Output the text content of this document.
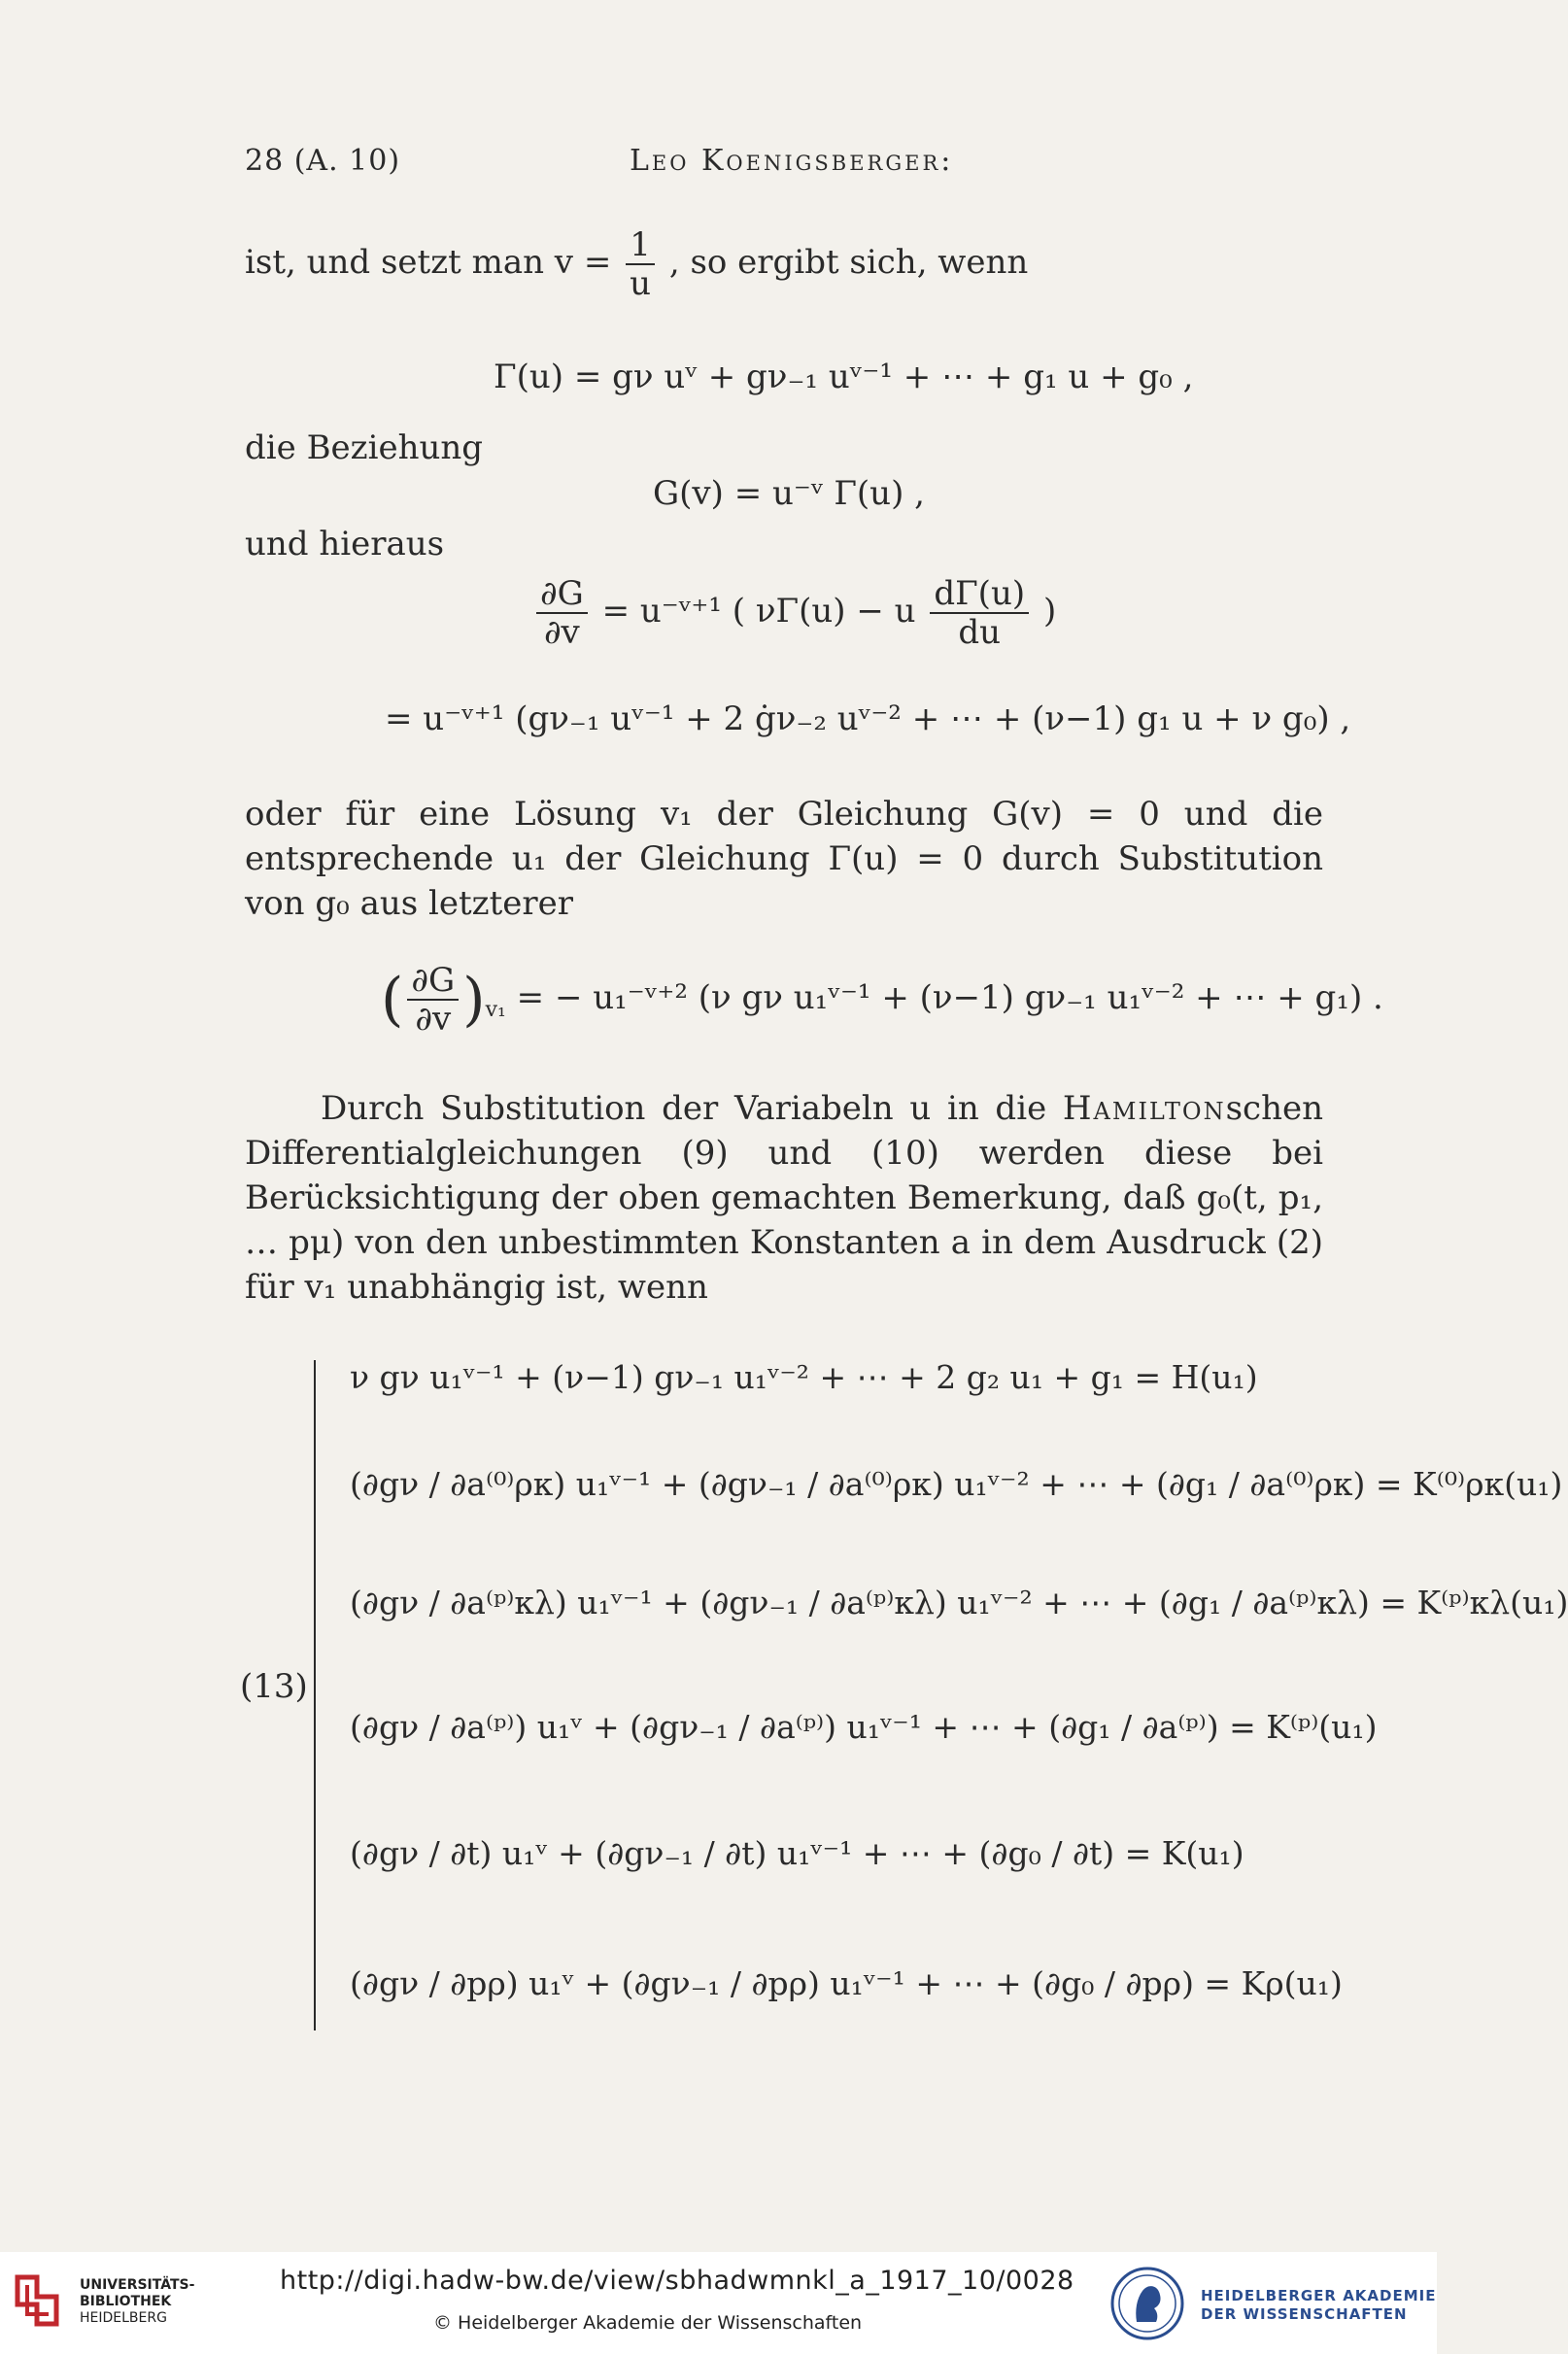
28 (A. 10)	Leo Koenigsberger:
ist, und setzt man $v = \frac{1}{u}$ , so ergibt sich, wenn
Γ(u) = gν uᵛ + gν₋₁ uᵛ⁻¹ + ⋯ + g₁ u + g₀ ,
die Beziehung
G(v) = u⁻ᵛ Γ(u) ,
und hieraus
$\frac{\partial G}{\partial v}$ = u⁻ᵛ⁺¹ ( νΓ(u) − u $\frac{d\Gamma(u)}{du}$ )
= u⁻ᵛ⁺¹ (gν₋₁ uᵛ⁻¹ + 2 ġν₋₂ uᵛ⁻² + ⋯ + (ν−1) g₁ u + ν g₀) ,
oder für eine Lösung v₁ der Gleichung G(v) = 0 und die entsprechende u₁ der Gleichung Γ(u) = 0 durch Substitution von g₀ aus letzterer
( $\frac{\partial G}{\partial v} )_{v_1}$ = − u₁⁻ᵛ⁺² (ν gν u₁ᵛ⁻¹ + (ν−1) gν₋₁ u₁ᵛ⁻² + ⋯ + g₁) .
Durch Substitution der Variabeln u in die Hamiltonschen Differentialgleichungen (9) und (10) werden diese bei Berücksichtigung der oben gemachten Bemerkung, daß g₀(t, p₁, … pμ) von den unbestimmten Konstanten a in dem Ausdruck (2) für v₁ unabhängig ist, wenn
(13)
ν gν u₁ᵛ⁻¹ + (ν−1) gν₋₁ u₁ᵛ⁻² + ⋯ + 2 g₂ u₁ + g₁ = H(u₁)
(∂gν / ∂a⁽⁰⁾ρκ) u₁ᵛ⁻¹ + (∂gν₋₁ / ∂a⁽⁰⁾ρκ) u₁ᵛ⁻² + ⋯ + (∂g₁ / ∂a⁽⁰⁾ρκ) = K⁽⁰⁾ρκ(u₁)
(∂gν / ∂a⁽ᵖ⁾κλ) u₁ᵛ⁻¹ + (∂gν₋₁ / ∂a⁽ᵖ⁾κλ) u₁ᵛ⁻² + ⋯ + (∂g₁ / ∂a⁽ᵖ⁾κλ) = K⁽ᵖ⁾κλ(u₁)
(∂gν / ∂a⁽ᵖ⁾) u₁ᵛ + (∂gν₋₁ / ∂a⁽ᵖ⁾) u₁ᵛ⁻¹ + ⋯ + (∂g₁ / ∂a⁽ᵖ⁾) = K⁽ᵖ⁾(u₁)
(∂gν / ∂t) u₁ᵛ + (∂gν₋₁ / ∂t) u₁ᵛ⁻¹ + ⋯ + (∂g₀ / ∂t) = K(u₁)
(∂gν / ∂pρ) u₁ᵛ + (∂gν₋₁ / ∂pρ) u₁ᵛ⁻¹ + ⋯ + (∂g₀ / ∂pρ) = Kρ(u₁)
UNIVERSITÄTS-
BIBLIOTHEK
HEIDELBERG
http://digi.hadw-bw.de/view/sbhadwmnkl_a_1917_10/0028
© Heidelberger Akademie der Wissenschaften
HEIDELBERGER AKADEMIE
DER WISSENSCHAFTEN
